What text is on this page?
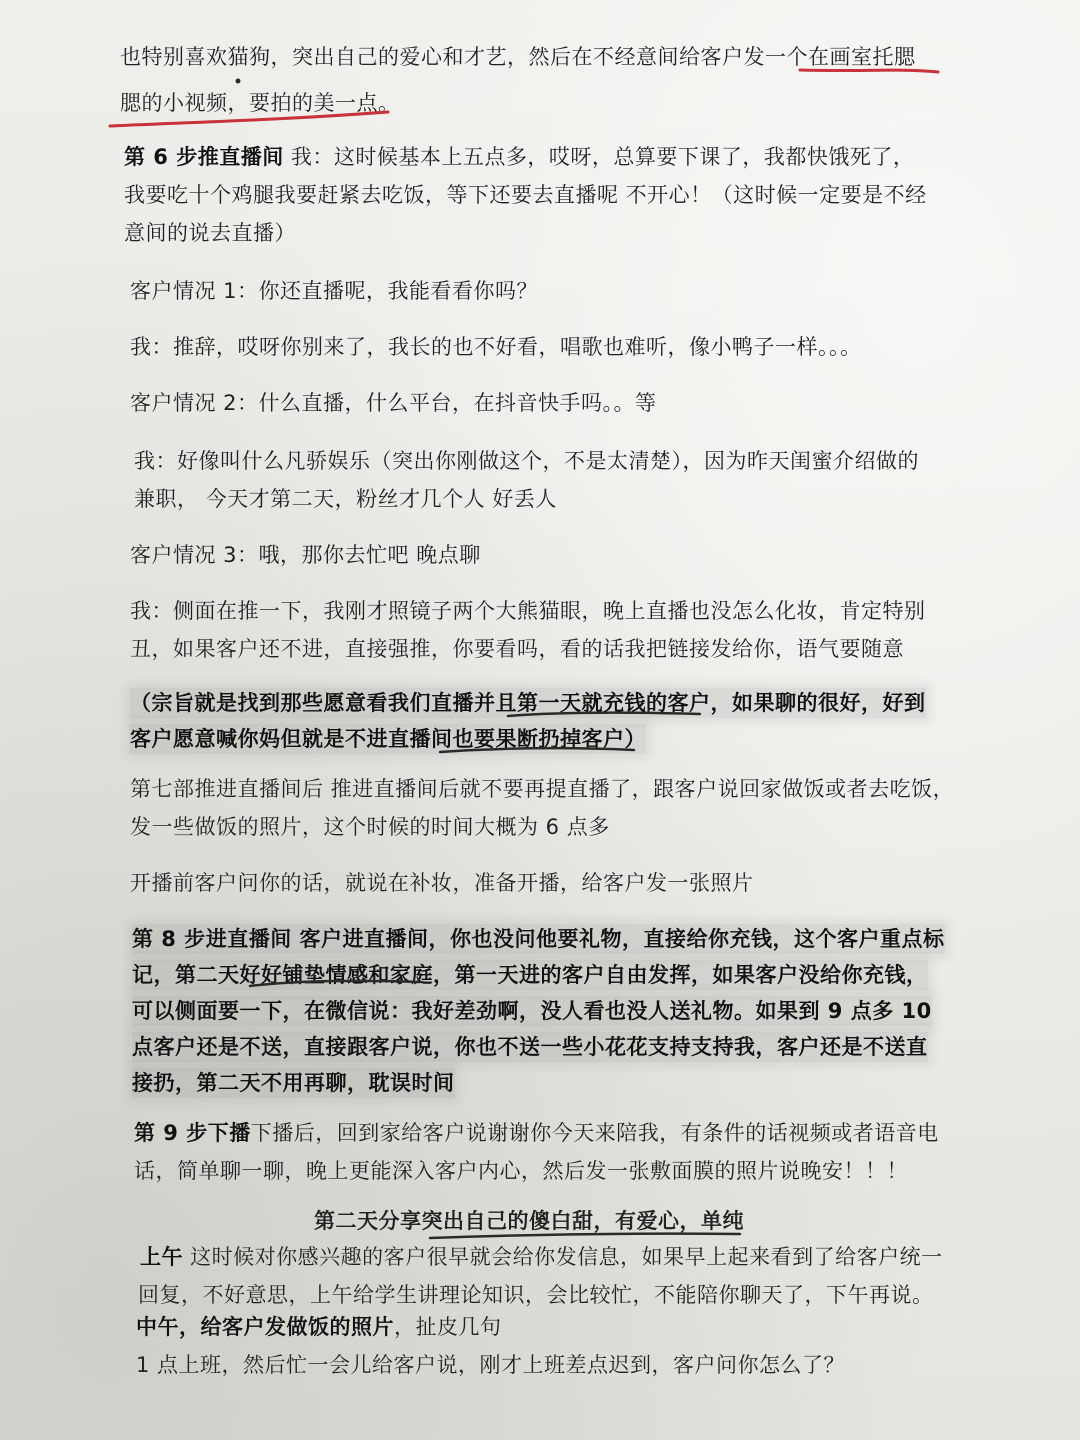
也特别喜欢猫狗，突出自己的爱心和才艺，然后在不经意间给客户发一个在画室托腮
腮的小视频，要拍的美一点。
第 6 步推直播间 我：这时候基本上五点多，哎呀，总算要下课了，我都快饿死了，
我要吃十个鸡腿我要赶紧去吃饭，等下还要去直播呢 不开心！（这时候一定要是不经
意间的说去直播）
客户情况 1：你还直播呢，我能看看你吗？
我：推辞，哎呀你别来了，我长的也不好看，唱歌也难听，像小鸭子一样。。。
客户情况 2：什么直播，什么平台，在抖音快手吗。。等
我：好像叫什么凡骄娱乐（突出你刚做这个，不是太清楚），因为昨天闺蜜介绍做的
兼职， 今天才第二天，粉丝才几个人 好丢人
客户情况 3：哦，那你去忙吧 晚点聊
我：侧面在推一下，我刚才照镜子两个大熊猫眼，晚上直播也没怎么化妆，肯定特别
丑，如果客户还不进，直接强推，你要看吗，看的话我把链接发给你，语气要随意
（宗旨就是找到那些愿意看我们直播并且第一天就充钱的客户，如果聊的很好，好到
客户愿意喊你妈但就是不进直播间也要果断扔掉客户）
第七部推进直播间后 推进直播间后就不要再提直播了，跟客户说回家做饭或者去吃饭，
发一些做饭的照片，这个时候的时间大概为 6 点多
开播前客户问你的话，就说在补妆，准备开播，给客户发一张照片
第 8 步进直播间 客户进直播间，你也没问他要礼物，直接给你充钱，这个客户重点标
记，第二天好好铺垫情感和家庭，第一天进的客户自由发挥，如果客户没给你充钱，
可以侧面要一下，在微信说：我好差劲啊，没人看也没人送礼物。如果到 9 点多 10
点客户还是不送，直接跟客户说，你也不送一些小花花支持支持我，客户还是不送直
接扔，第二天不用再聊，耽误时间
第 9 步下播下播后，回到家给客户说谢谢你今天来陪我，有条件的话视频或者语音电
话，简单聊一聊，晚上更能深入客户内心，然后发一张敷面膜的照片说晚安！！！
第二天分享突出自己的傻白甜，有爱心，单纯
上午 这时候对你感兴趣的客户很早就会给你发信息，如果早上起来看到了给客户统一
回复，不好意思，上午给学生讲理论知识，会比较忙，不能陪你聊天了，下午再说。
中午，给客户发做饭的照片，扯皮几句
1 点上班，然后忙一会儿给客户说，刚才上班差点迟到，客户问你怎么了？
